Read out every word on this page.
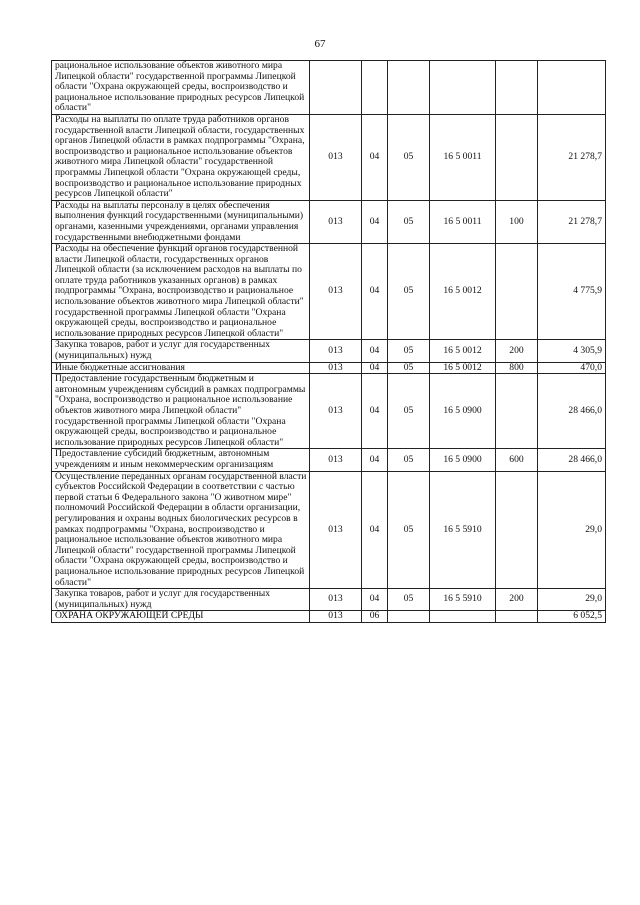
67
рациональное использование объектов животного мира Липецкой области" государственной программы Липецкой области "Охрана окружающей среды, воспроизводство и рациональное использование природных ресурсов Липецкой области"						
Расходы на выплаты по оплате труда работников органов государственной власти Липецкой области, государственных органов Липецкой области в рамках подпрограммы "Охрана, воспроизводство и рациональное использование объектов животного мира Липецкой области" государственной программы Липецкой области "Охрана окружающей среды, воспроизводство и рациональное использование природных ресурсов Липецкой области"	013	04	05	16 5 0011		21 278,7
Расходы на выплаты персоналу в целях обеспечения выполнения функций государственными (муниципальными) органами, казенными учреждениями, органами управления государственными внебюджетными фондами	013	04	05	16 5 0011	100	21 278,7
Расходы на обеспечение функций органов государственной власти Липецкой области, государственных органов Липецкой области (за исключением расходов на выплаты по оплате труда работников указанных органов) в рамках подпрограммы "Охрана, воспроизводство и рациональное использование объектов животного мира Липецкой области" государственной программы Липецкой области "Охрана окружающей среды, воспроизводство и рациональное использование природных ресурсов Липецкой области"	013	04	05	16 5 0012		4 775,9
Закупка товаров, работ и услуг для государственных (муниципальных) нужд	013	04	05	16 5 0012	200	4 305,9
Иные бюджетные ассигнования	013	04	05	16 5 0012	800	470,0
Предоставление государственным бюджетным и автономным учреждениям субсидий в рамках подпрограммы "Охрана, воспроизводство и рациональное использование объектов животного мира Липецкой области" государственной программы Липецкой области "Охрана окружающей среды, воспроизводство и рациональное использование природных ресурсов Липецкой области"	013	04	05	16 5 0900		28 466,0
Предоставление субсидий бюджетным, автономным учреждениям и иным некоммерческим организациям	013	04	05	16 5 0900	600	28 466,0
Осуществление переданных органам государственной власти субъектов Российской Федерации в соответствии с частью первой статьи 6 Федерального закона "О животном мире" полномочий Российской Федерации в области организации, регулирования и охраны водных биологических ресурсов в рамках подпрограммы "Охрана, воспроизводство и рациональное использование объектов животного мира Липецкой области" государственной программы Липецкой области "Охрана окружающей среды, воспроизводство и рациональное использование природных ресурсов Липецкой области"	013	04	05	16 5 5910		29,0
Закупка товаров, работ и услуг для государственных (муниципальных) нужд	013	04	05	16 5 5910	200	29,0
ОХРАНА ОКРУЖАЮЩЕЙ СРЕДЫ	013	06				6 052,5
